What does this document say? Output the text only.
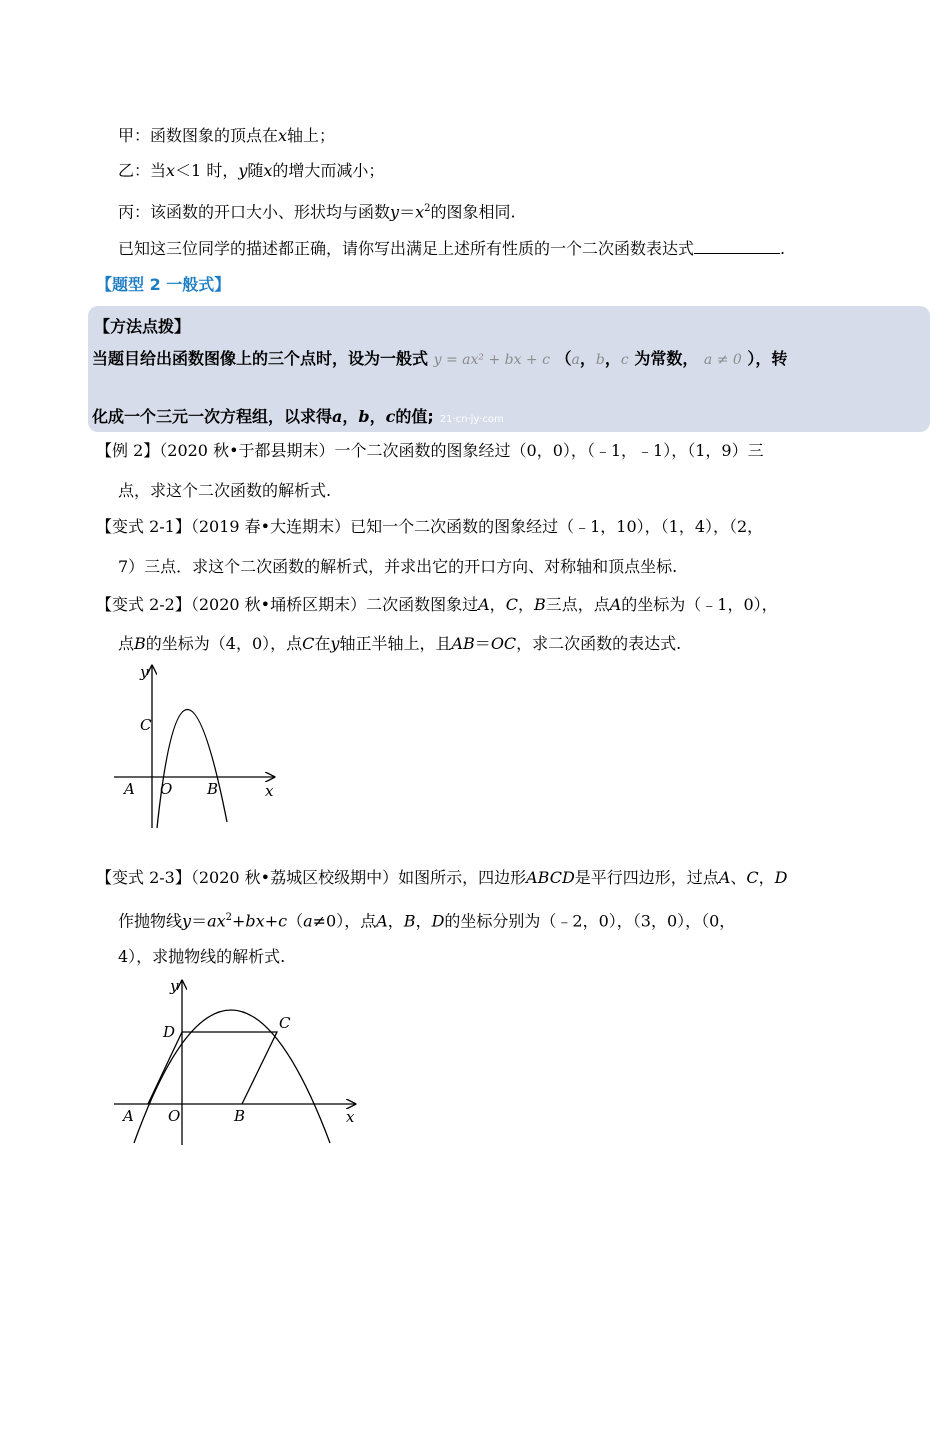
甲：函数图象的顶点在x轴上；
乙：当x＜1 时，y随x的增大而减小；
丙：该函数的开口大小、形状均与函数$y=x^2$的图象相同.
已知这三位同学的描述都正确，请你写出满足上述所有性质的一个二次函数表达式	.
【题型 2 一般式】
【方法点拨】
当题目给出函数图像上的三个点时，设为一般式 y = ax² + bx + c （a，b，c 为常数， a ≠ 0 ），转
化成一个三元一次方程组，以求得a，b，c的值; 21·cn·jy·com
【例 2】（2020 秋•于都县期末）一个二次函数的图象经过（0，0），（﹣1，﹣1），（1，9）三
点，求这个二次函数的解析式.
【变式 2-1】（2019 春•大连期末）已知一个二次函数的图象经过（﹣1，10），（1，4），（2，
7）三点．求这个二次函数的解析式，并求出它的开口方向、对称轴和顶点坐标.
【变式 2-2】（2020 秋•埇桥区期末）二次函数图象过A，C，B三点，点A的坐标为（﹣1，0），
点B的坐标为（4，0），点C在y轴正半轴上，且AB＝OC，求二次函数的表达式.
y
x
C
A O B
【变式 2-3】（2020 秋•荔城区校级期中）如图所示，四边形ABCD是平行四边形，过点A、C，D
作抛物线$y=ax^2+bx+c(a\ne 0)$，点A，B，D的坐标分别为（﹣2，0），（3，0），（0，
4），求抛物线的解析式.
y
x
D	C
A O	B
